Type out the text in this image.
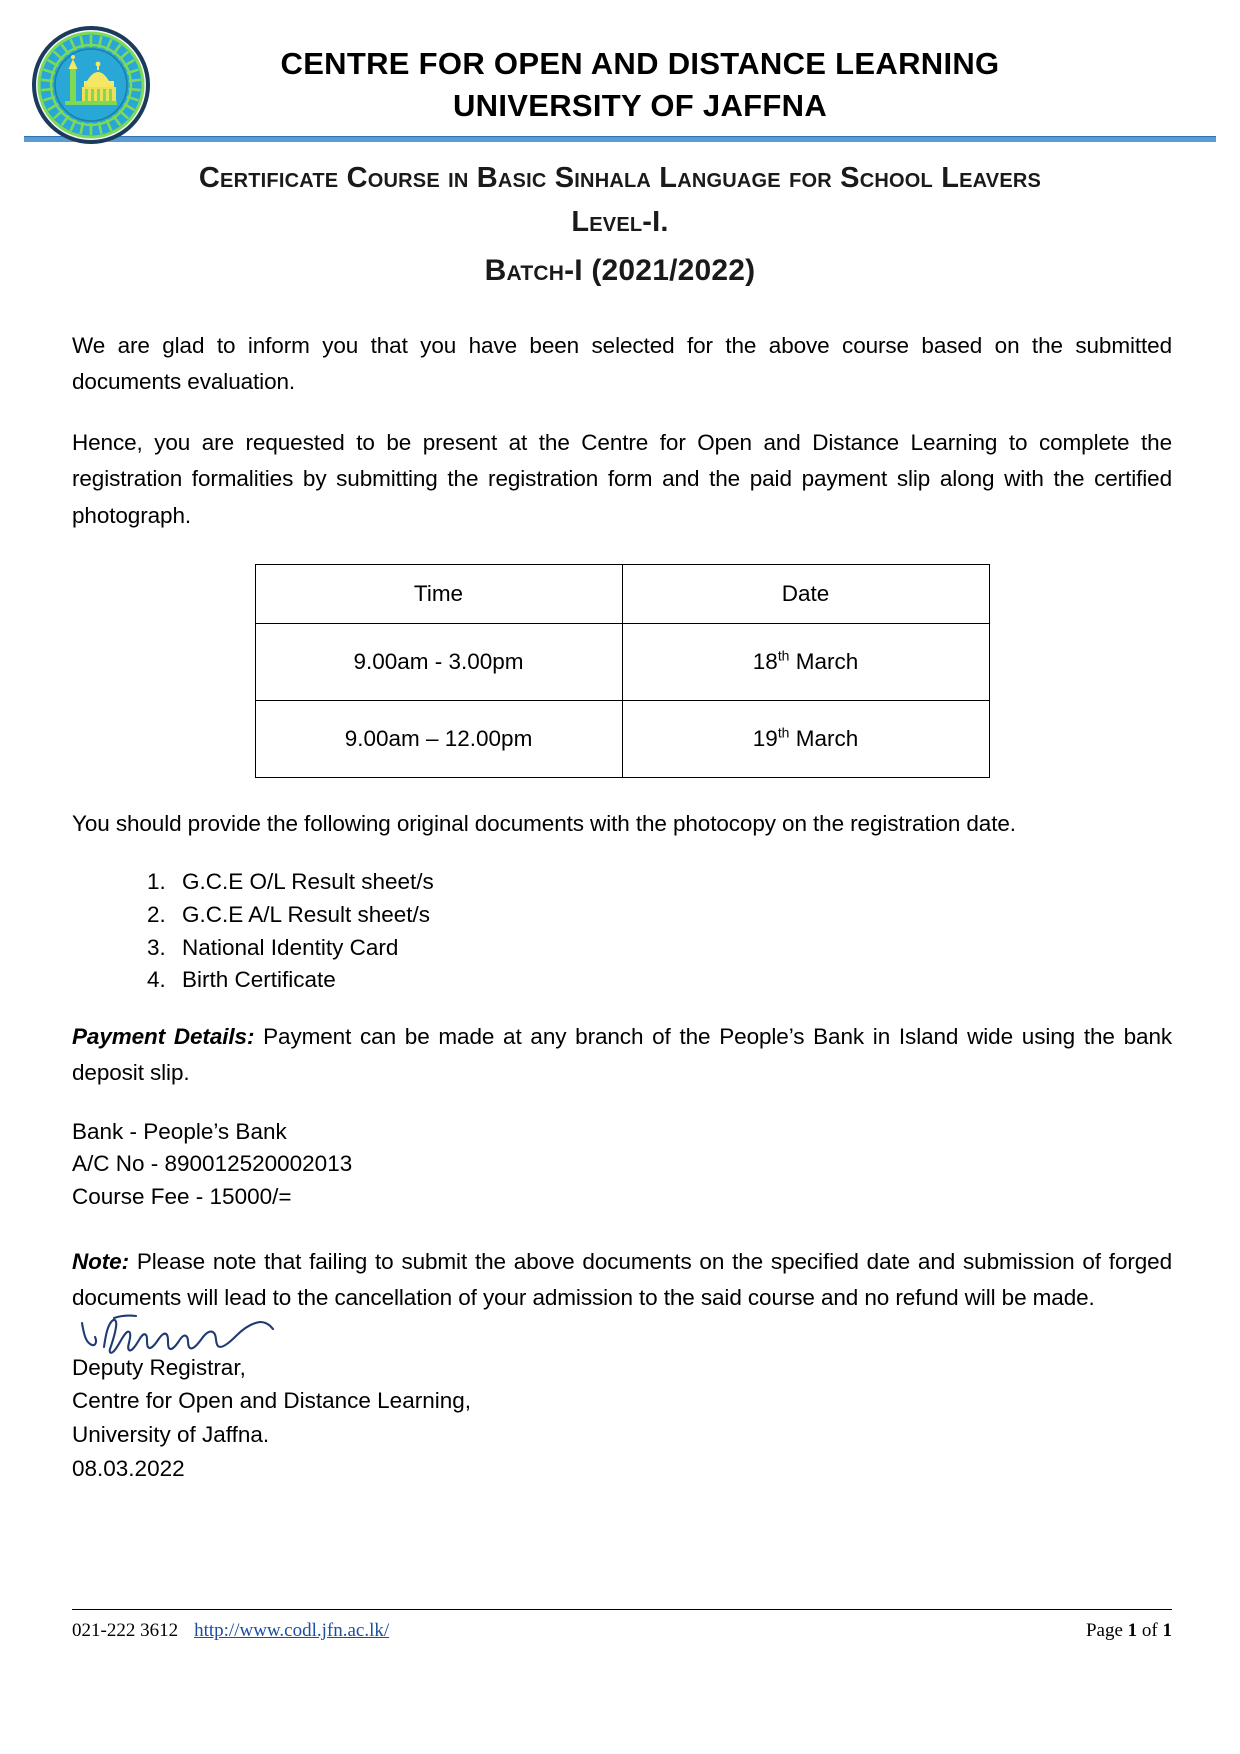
CENTRE FOR OPEN AND DISTANCE LEARNING
UNIVERSITY OF JAFFNA
Certificate Course in Basic Sinhala Language for School Leavers
Level-I.
Batch-I (2021/2022)

We are glad to inform you that you have been selected for the above course based on the submitted documents evaluation.

Hence, you are requested to be present at the Centre for Open and Distance Learning to complete the registration formalities by submitting the registration form and the paid payment slip along with the certified photograph.

Time	Date
9.00am - 3.00pm	18th March
9.00am – 12.00pm	19th March

You should provide the following original documents with the photocopy on the registration date.

1. G.C.E O/L Result sheet/s
2. G.C.E A/L Result sheet/s
3. National Identity Card
4. Birth Certificate

Payment Details: Payment can be made at any branch of the People’s Bank in Island wide using the bank deposit slip.

Bank - People’s Bank
A/C No - 890012520002013
Course Fee - 15000/=

Note: Please note that failing to submit the above documents on the specified date and submission of forged documents will lead to the cancellation of your admission to the said course and no refund will be made.

Deputy Registrar,
Centre for Open and Distance Learning,
University of Jaffna.
08.03.2022
021-222 3612 http://www.codl.jfn.ac.lk/	Page 1 of 1
